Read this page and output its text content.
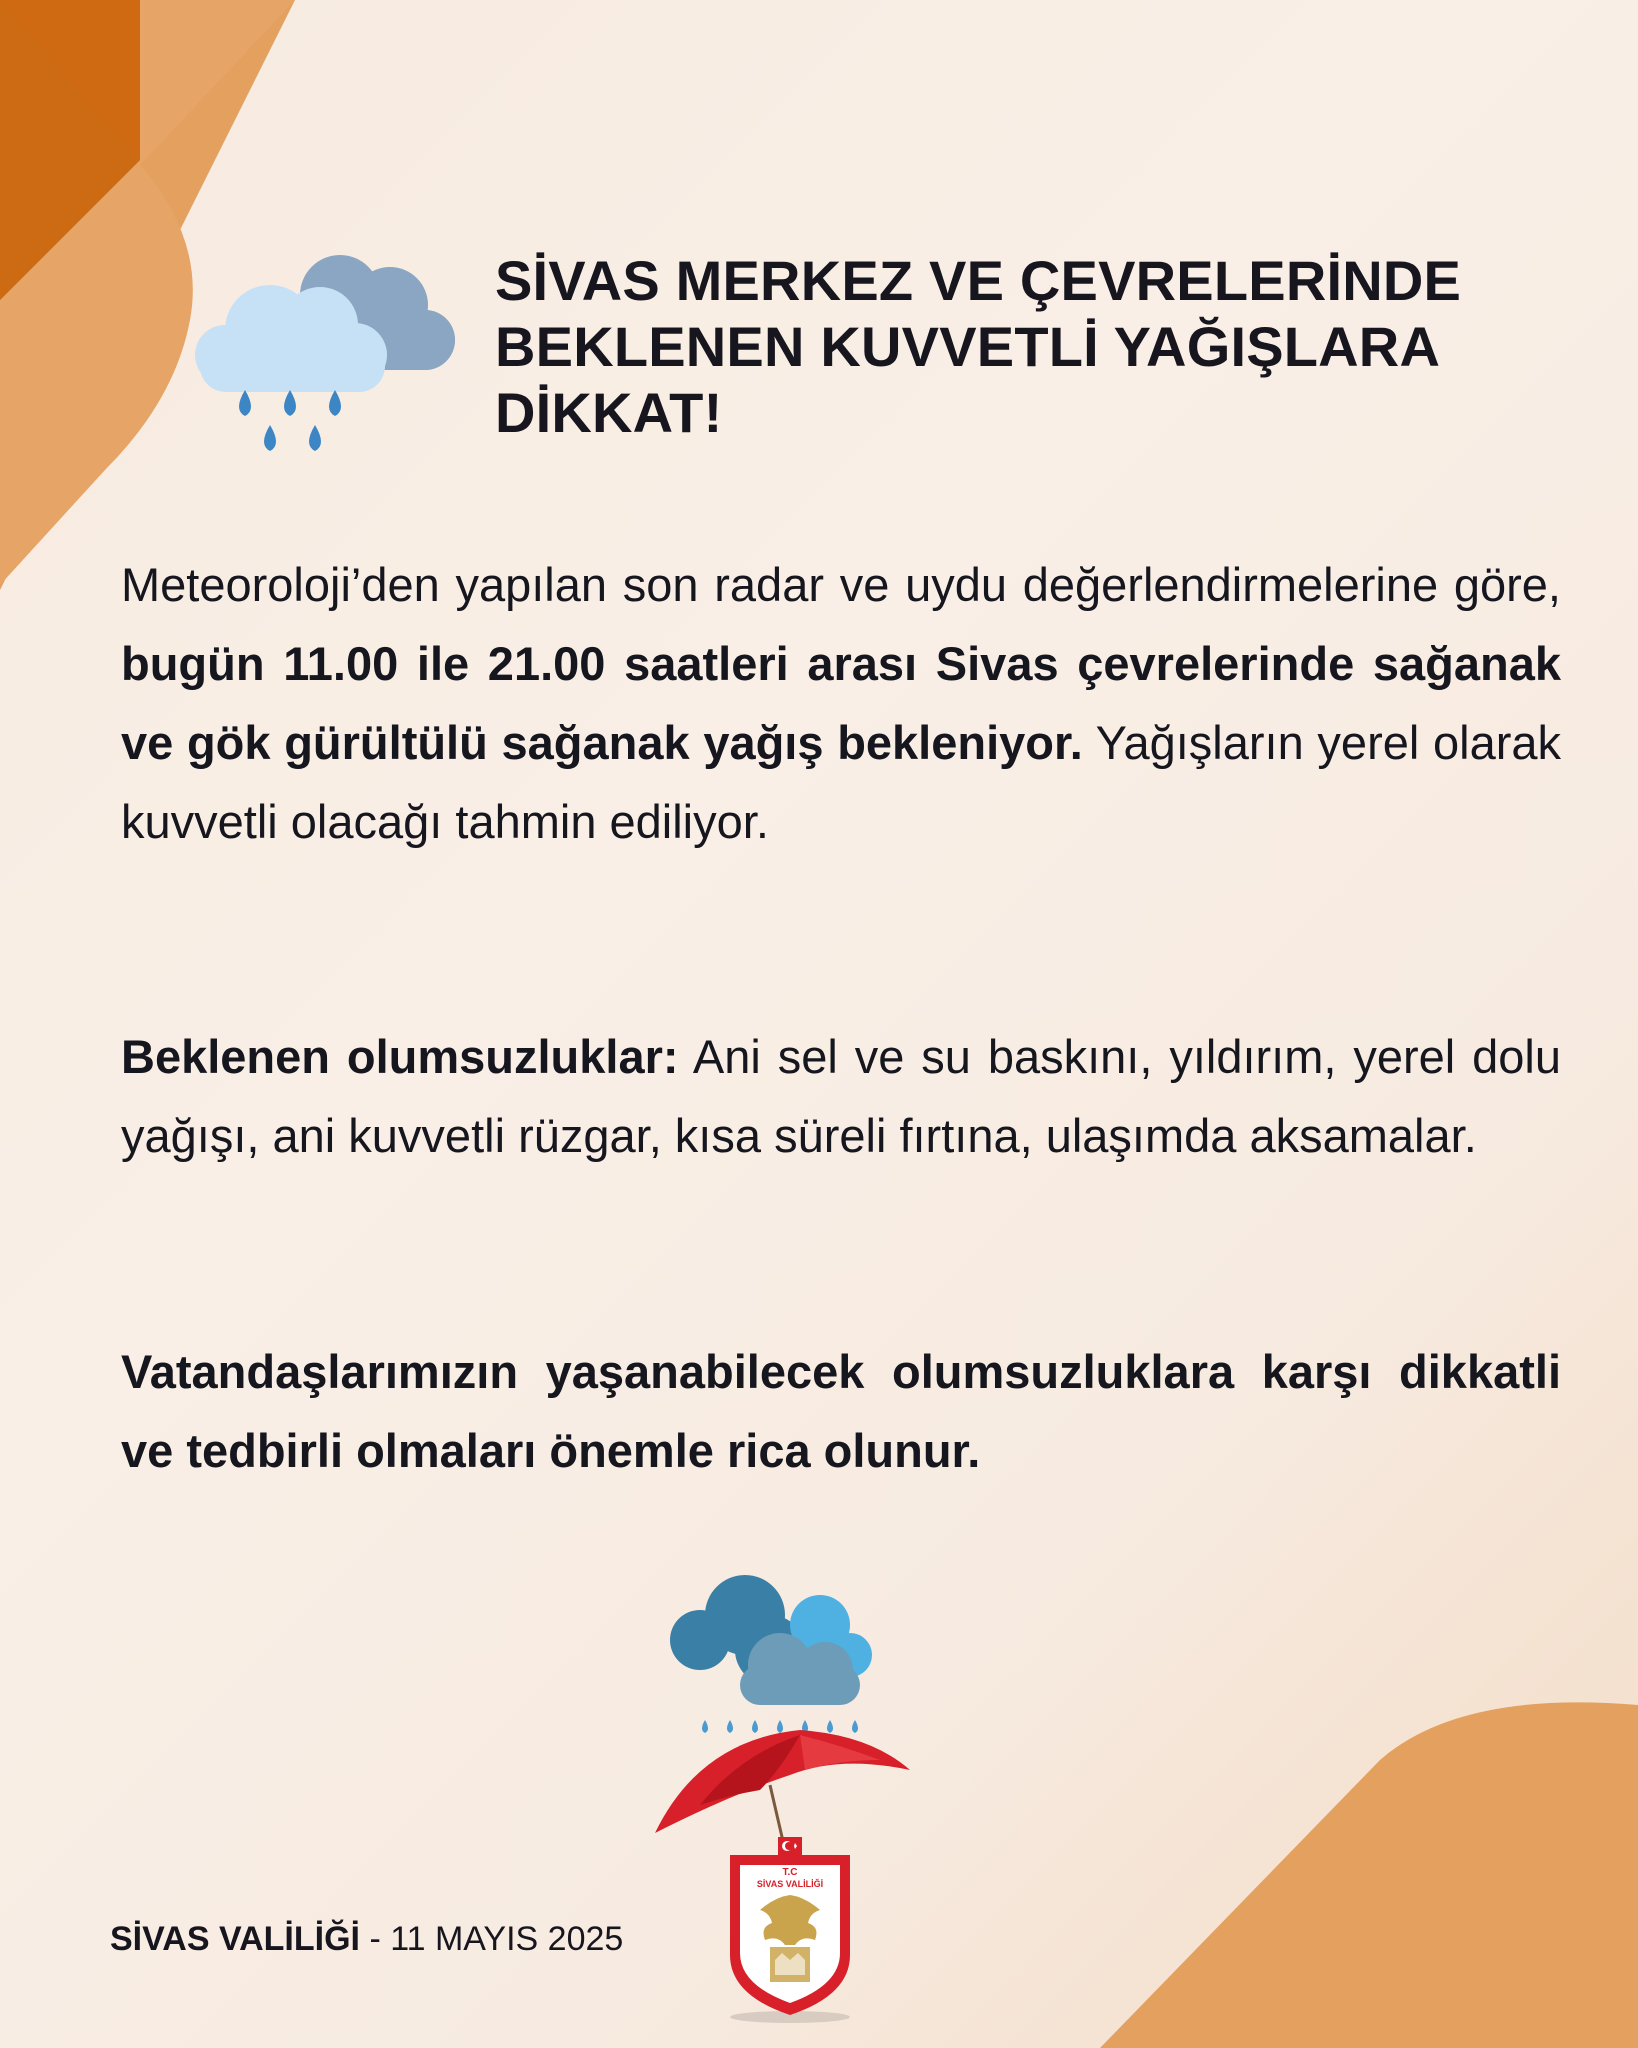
SİVAS MERKEZ VE ÇEVRELERİNDE BEKLENEN KUVVETLİ YAĞIŞLARA DİKKAT!

Meteoroloji’den yapılan son radar ve uydu değerlendirmelerine göre, bugün 11.00 ile 21.00 saatleri arası Sivas çevrelerinde sağanak ve gök gürültülü sağanak yağış bekleniyor. Yağışların yerel olarak kuvvetli olacağı tahmin ediliyor.

Beklenen olumsuzluklar: Ani sel ve su baskını, yıldırım, yerel dolu yağışı, ani kuvvetli rüzgar, kısa süreli fırtına, ulaşımda aksamalar.

Vatandaşlarımızın yaşanabilecek olumsuzluklara karşı dikkatli ve tedbirli olmaları önemle rica olunur.

T.C
SİVAS VALİLİĞİ
SİVAS VALİLİĞİ - 11 MAYIS 2025
